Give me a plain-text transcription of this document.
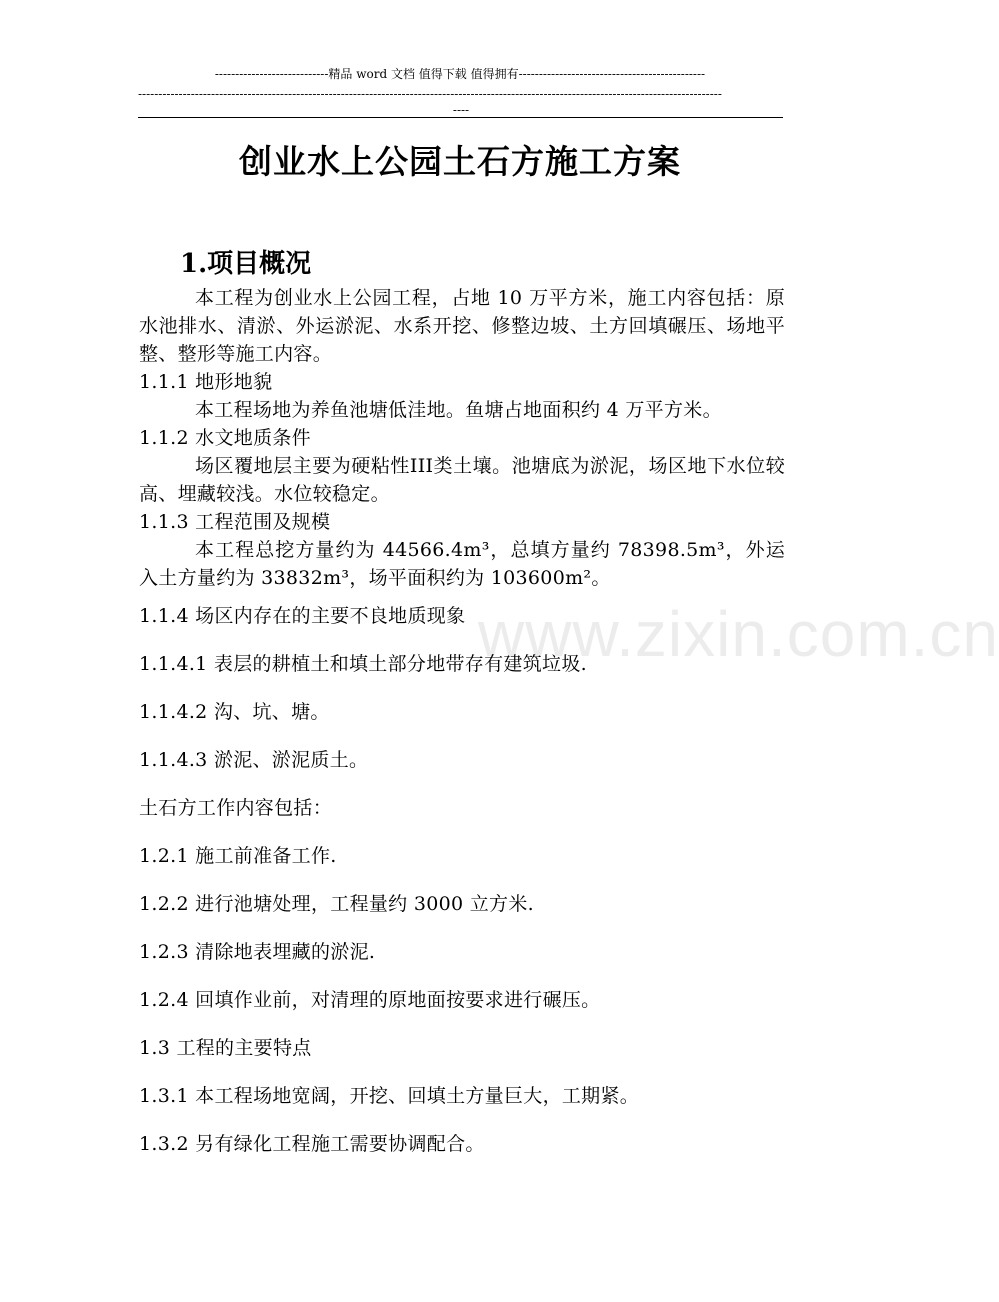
----------------------------精品 word 文档 值得下载 值得拥有----------------------------------------------
------------------------------------------------------------------------------------------------------------------------------------------------
----
创业水上公园土石方施工方案
1.项目概况
本工程为创业水上公园工程，占地 10 万平方米，施工内容包括：原水池排水、清淤、外运淤泥、水系开挖、修整边坡、土方回填碾压、场地平整、整形等施工内容。
1.1.1 地形地貌
本工程场地为养鱼池塘低洼地。鱼塘占地面积约 4 万平方米。
1.1.2 水文地质条件
场区覆地层主要为硬粘性III类土壤。池塘底为淤泥，场区地下水位较高、埋藏较浅。水位较稳定。
1.1.3 工程范围及规模
本工程总挖方量约为 44566.4m³，总填方量约 78398.5m³，外运入土方量约为 33832m³，场平面积约为 103600m²。
www.zixin.com.cn
1.1.4 场区内存在的主要不良地质现象
1.1.4.1 表层的耕植土和填土部分地带存有建筑垃圾.
1.1.4.2 沟、坑、塘。
1.1.4.3 淤泥、淤泥质土。
土石方工作内容包括：
1.2.1 施工前准备工作.
1.2.2 进行池塘处理，工程量约 3000 立方米.
1.2.3 清除地表埋藏的淤泥.
1.2.4 回填作业前，对清理的原地面按要求进行碾压。
1.3 工程的主要特点
1.3.1 本工程场地宽阔，开挖、回填土方量巨大，工期紧。
1.3.2 另有绿化工程施工需要协调配合。
